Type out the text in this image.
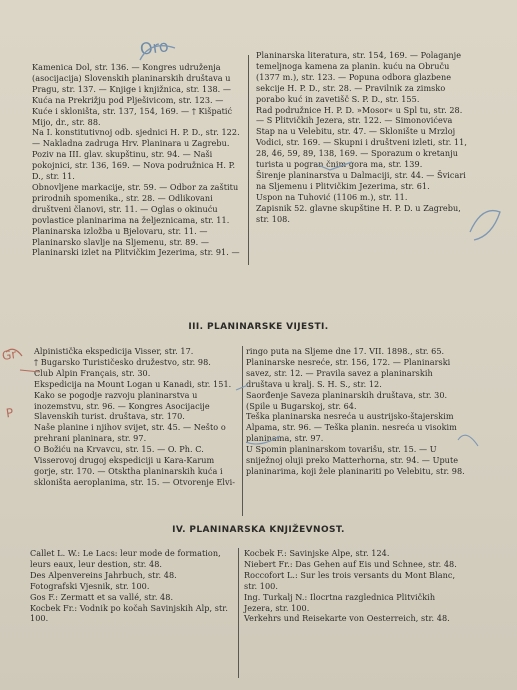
Kamenica Dol, str. 136. — Kongres udruženja (asocijacija) Slovenskih planinarskih društava u Pragu, str. 137. — Knjige i knjižnica, str. 138. — Kuća na Prekrižju pod Plješivicom, str. 123. — Kuće i skloništa, str. 137, 154, 169. — † Kišpatić Mijo, dr., str. 88.

Na I. konstitutivnoj odb. sjednici H. P. D., str. 122. — Nakladna zadruga Hrv. Planinara u Zagrebu. Poziv na III. glav. skupštinu, str. 94. — Naši pokojnici, str. 136, 169. — Nova podružnica H. P. D., str. 11.

Obnovljene markacije, str. 59. — Odbor za zaštitu prirodnih spomenika., str. 28. — Odlikovani društveni članovi, str. 11. — Oglas o okinuću povlastice planinarima na željeznicama, str. 11.

Planinarska izložba u Bjelovaru, str. 11. — Planinarsko slavlje na Sljemenu, str. 89. — Planinarski izlet na Plitvičkim Jezerima, str. 91. —

Planinarska literatura, str. 154, 169. — Polaganje temeljnoga kamena za planin. kuću na Obruču (1377 m.), str. 123. — Popuna odbora glazbene sekcije H. P. D., str. 28. — Pravilnik za zimsko porabo kuć in zavetišč S. P. D., str. 155.

Rad podružnice H. P. D. »Mosor« u Spl tu, str. 28. — S Plitvičkih Jezera, str. 122. — Simonovićeva Stap na u Velebitu, str. 47. — Sklonište u Mrzloj Vodici, str. 169. — Skupni i društveni izleti, str. 11, 28, 46, 59, 89, 138, 169. — Sporazum o kretanju turista u pogran čnim gora ma, str. 139.

Širenje planinarstva u Dalmaciji, str. 44. — Švicari na Sljemenu i Plitvičkim Jezerima, str. 61.

Uspon na Tuhović (1106 m.), str. 11.

Zapisnik 52. glavne skupštine H. P. D. u Zagrebu, str. 108.

III. PLANINARSKE VIJESTI.

Alpinistička ekspedicija Visser, str. 17.

† Bugarsko Turističesko družestvo, str. 98.

Club Alpin Français, str. 30.

Ekspedicija na Mount Logan u Kanadi, str. 151.

Kako se pogodje razvoju planinarstva u inozemstvu, str. 96. — Kongres Asocijacije Slavenskih turist. društava, str. 170.

Naše planine i njihov svijet, str. 45. — Nešto o prehrani planinara, str. 97.

O Božiću na Krvavcu, str. 15. — O. Ph. C. Visserovoj drugoj ekspediciji u Kara-Karum gorje, str. 170. — Otsktha planinarskih kuća i skloništa aeroplanima, str. 15. — Otvorenje Elvi-

ringo puta na Sljeme dne 17. VII. 1898., str. 65.

Planinarske nesreće, str. 156, 172. — Planinarski savez, str. 12. — Pravila savez a planinarskih društava u kralj. S. H. S., str. 12.

Saorđenje Saveza planinarskih društava, str. 30. (Spile u Bugarskoj, str. 64.

Teška planinarska nesreća u austrijsko-štajerskim Alpama, str. 96. — Teška planin. nesreća u visokim planinama, str. 97.

U Spomin planinarskom tovarišu, str. 15. — U sniježnoj oluji preko Matterhorna, str. 94. — Upute planinarima, koji žele planinariti po Velebitu, str. 98.

IV. PLANINARSKA KNJIŽEVNOST.

Callet L. W.: Le Lacs: leur mode de formation, leurs eaux, leur destion, str. 48.

Des Alpenvereins Jahrbuch, str. 48.

Fotografski Vjesnik, str. 100.

Gos F.: Zermatt et sa vallé, str. 48.

Kocbek Fr.: Vodnik po kočah Savinjskih Alp, str. 100.

Kocbek F.: Savinjske Alpe, str. 124.

Niebert Fr.: Das Gehen auf Eis und Schnee, str. 48.

Roccofort L.: Sur les trois versants du Mont Blanc, str. 100.

Ing. Turkalj N.: Ilocrtna razglednica Plitvičkih Jezera, str. 100.

Verkehrs und Reisekarte von Oesterreich, str. 48.

Oro
Gr
P
